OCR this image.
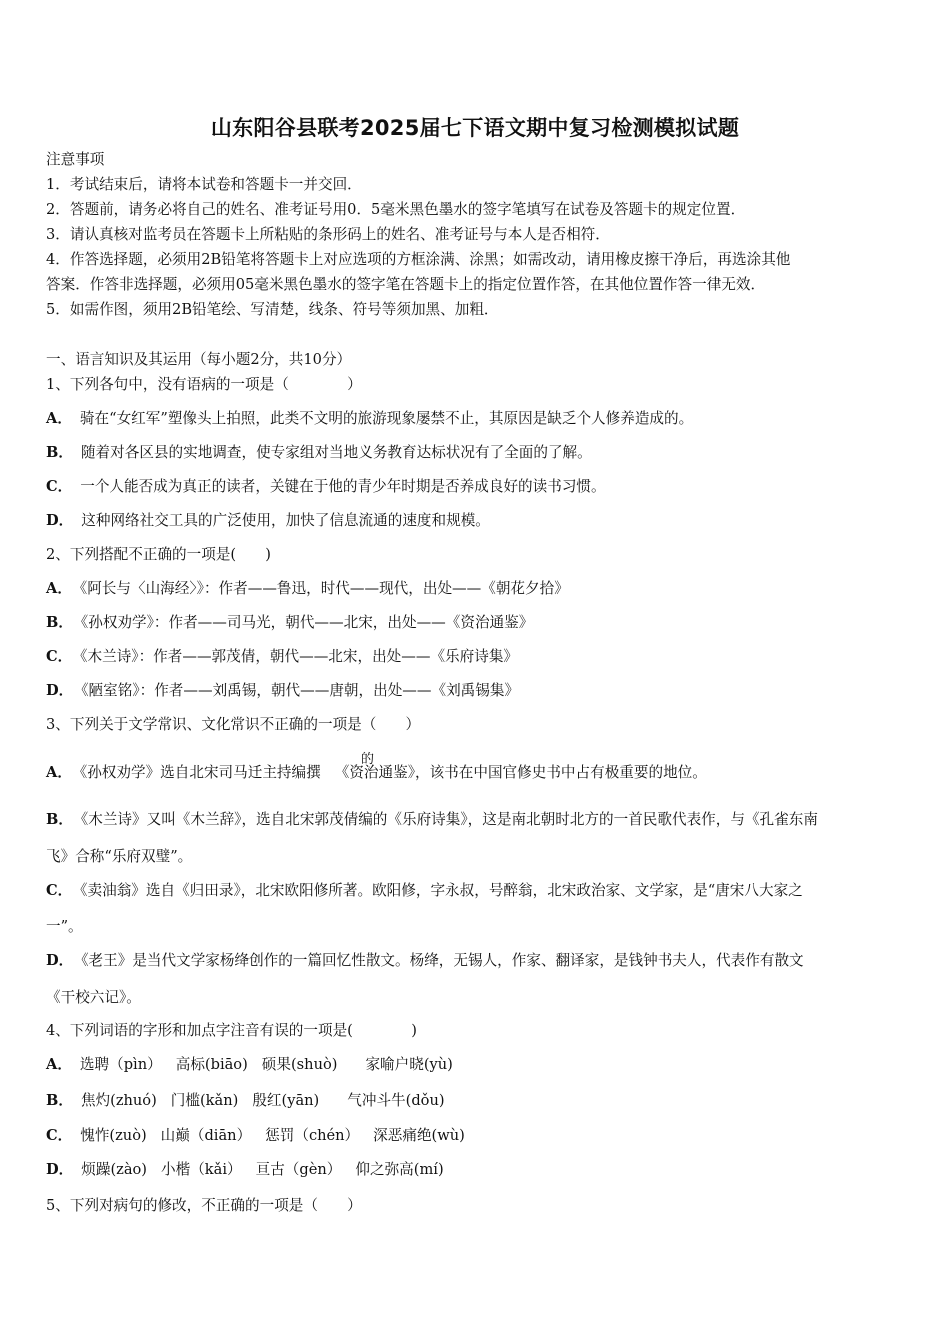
山东阳谷县联考2025届七下语文期中复习检测模拟试题
注意事项
1．考试结束后，请将本试卷和答题卡一并交回．
2．答题前，请务必将自己的姓名、准考证号用0．5毫米黑色墨水的签字笔填写在试卷及答题卡的规定位置．
3．请认真核对监考员在答题卡上所粘贴的条形码上的姓名、准考证号与本人是否相符．
4．作答选择题，必须用2B铅笔将答题卡上对应选项的方框涂满、涂黑；如需改动，请用橡皮擦干净后，再选涂其他
答案．作答非选择题，必须用05毫米黑色墨水的签字笔在答题卡上的指定位置作答，在其他位置作答一律无效．
5．如需作图，须用2B铅笔绘、写清楚，线条、符号等须加黑、加粗．
一、语言知识及其运用（每小题2分，共10分）
1、下列各句中，没有语病的一项是（　　　　）
A． 骑在“女红军”塑像头上拍照，此类不文明的旅游现象屡禁不止，其原因是缺乏个人修养造成的。
B． 随着对各区县的实地调查，使专家组对当地义务教育达标状况有了全面的了解。
C． 一个人能否成为真正的读者，关键在于他的青少年时期是否养成良好的读书习惯。
D． 这种网络社交工具的广泛使用，加快了信息流通的速度和规模。
2、下列搭配不正确的一项是(　　)
A． 《阿长与〈山海经〉》：作者——鲁迅，时代——现代，出处——《朝花夕拾》
B． 《孙权劝学》：作者——司马光，朝代——北宋，出处——《资治通鉴》
C． 《木兰诗》：作者——郭茂倩，朝代——北宋，出处——《乐府诗集》
D． 《陋室铭》：作者——刘禹锡，朝代——唐朝，出处——《刘禹锡集》
3、下列关于文学常识、文化常识不正确的一项是（　　）
的
A． 《孙权劝学》选自北宋司马迁主持编撰 《资治通鉴》，该书在中国官修史书中占有极重要的地位。
B． 《木兰诗》又叫《木兰辞》，选自北宋郭茂倩编的《乐府诗集》，这是南北朝时北方的一首民歌代表作，与《孔雀东南
飞》合称“乐府双璧”。
C． 《卖油翁》选自《归田录》，北宋欧阳修所著。欧阳修，字永叔，号醉翁，北宋政治家、文学家，是“唐宋八大家之
一”。
D． 《老王》是当代文学家杨绛创作的一篇回忆性散文。杨绛，无锡人，作家、翻译家，是钱钟书夫人，代表作有散文
《干校六记》。
4、下列词语的字形和加点字注音有误的一项是(　　　　)
A． 选聘（pìn） 高标(biāo) 硕果(shuò) 家喻户晓(yù)
B． 焦灼(zhuó) 门槛(kǎn) 殷红(yān) 气冲斗牛(dǒu)
C． 愧怍(zuò) 山巅（diān） 惩罚（chén） 深恶痛绝(wù)
D． 烦躁(zào) 小楷（kǎi） 亘古（gèn） 仰之弥高(mí)
5、下列对病句的修改，不正确的一项是（　　）
